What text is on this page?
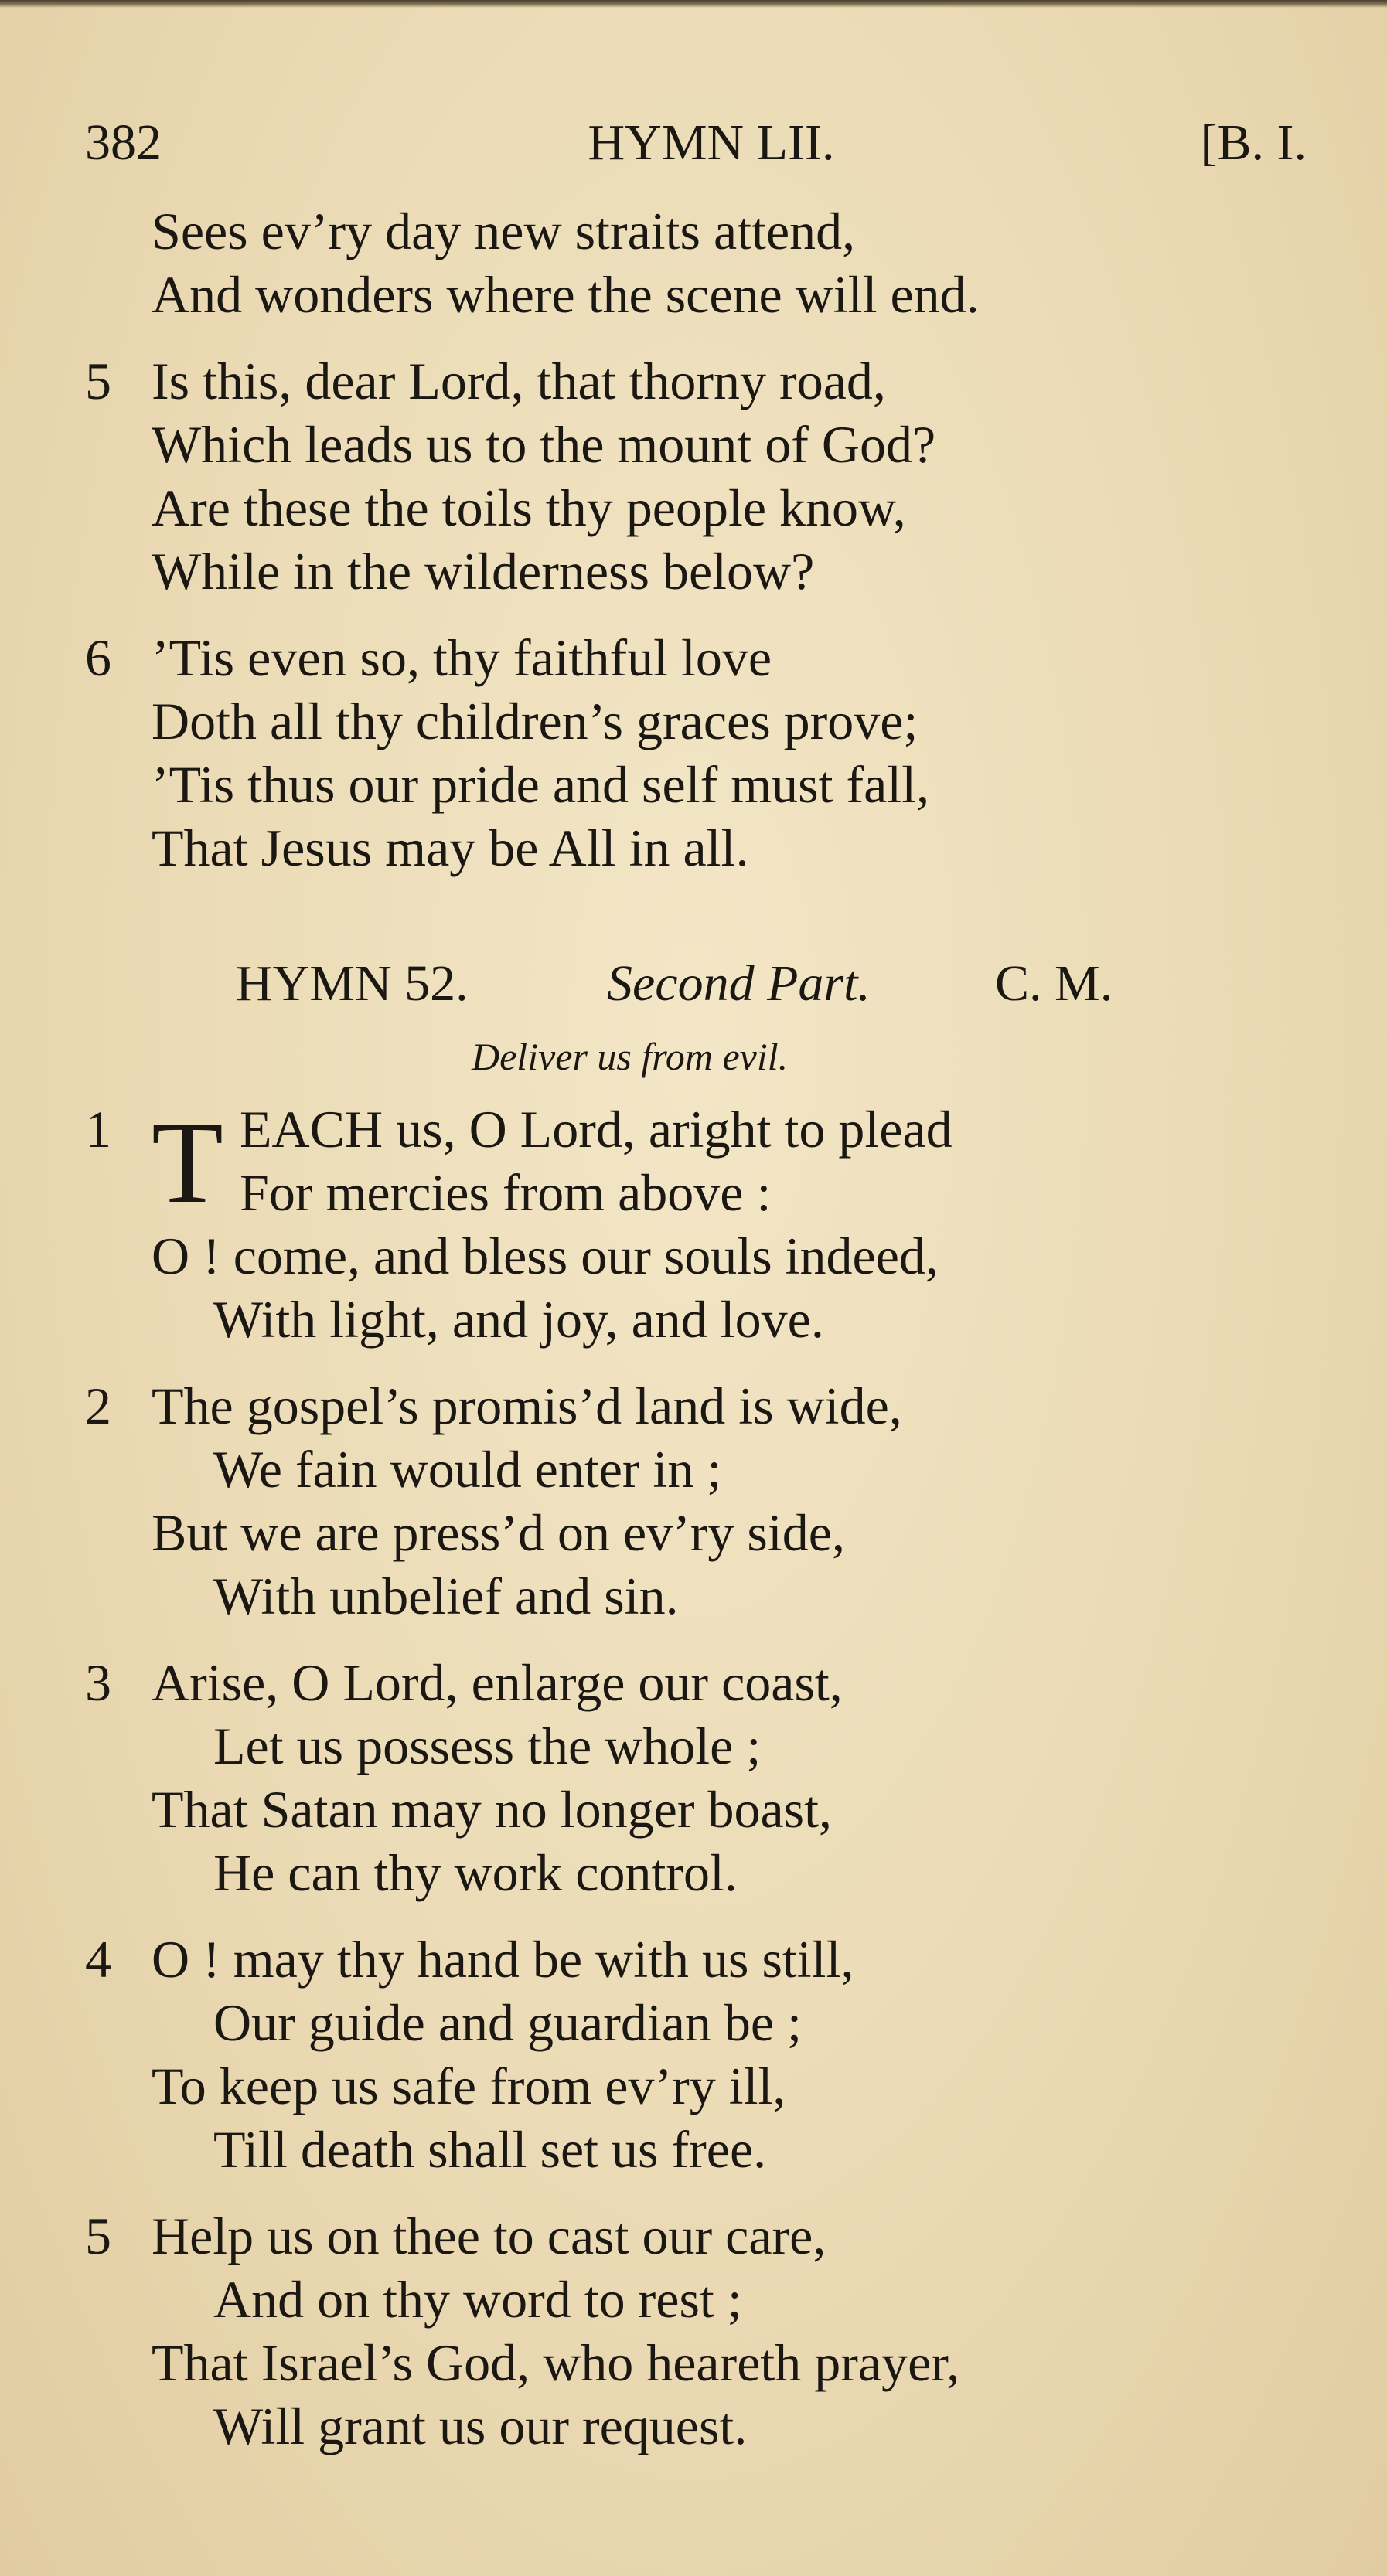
382	HYMN LII.	[B. I.
Sees ev’ry day new straits attend,
And wonders where the scene will end.
5 Is this, dear Lord, that thorny road,
Which leads us to the mount of God?
Are these the toils thy people know,
While in the wilderness below?
6 ’Tis even so, thy faithful love
Doth all thy children’s graces prove;
’Tis thus our pride and self must fall,
That Jesus may be All in all.
HYMN 52.	Second Part. C. M.
Deliver us from evil.
1 T EACH us, O Lord, aright to plead
For mercies from above :
O ! come, and bless our souls indeed,
With light, and joy, and love.
2 The gospel’s promis’d land is wide,
We fain would enter in ;
But we are press’d on ev’ry side,
With unbelief and sin.
3 Arise, O Lord, enlarge our coast,
Let us possess the whole ;
That Satan may no longer boast,
He can thy work control.
4 O ! may thy hand be with us still,
Our guide and guardian be ;
To keep us safe from ev’ry ill,
Till death shall set us free.
5 Help us on thee to cast our care,
And on thy word to rest ;
That Israel’s God, who heareth prayer,
Will grant us our request.
